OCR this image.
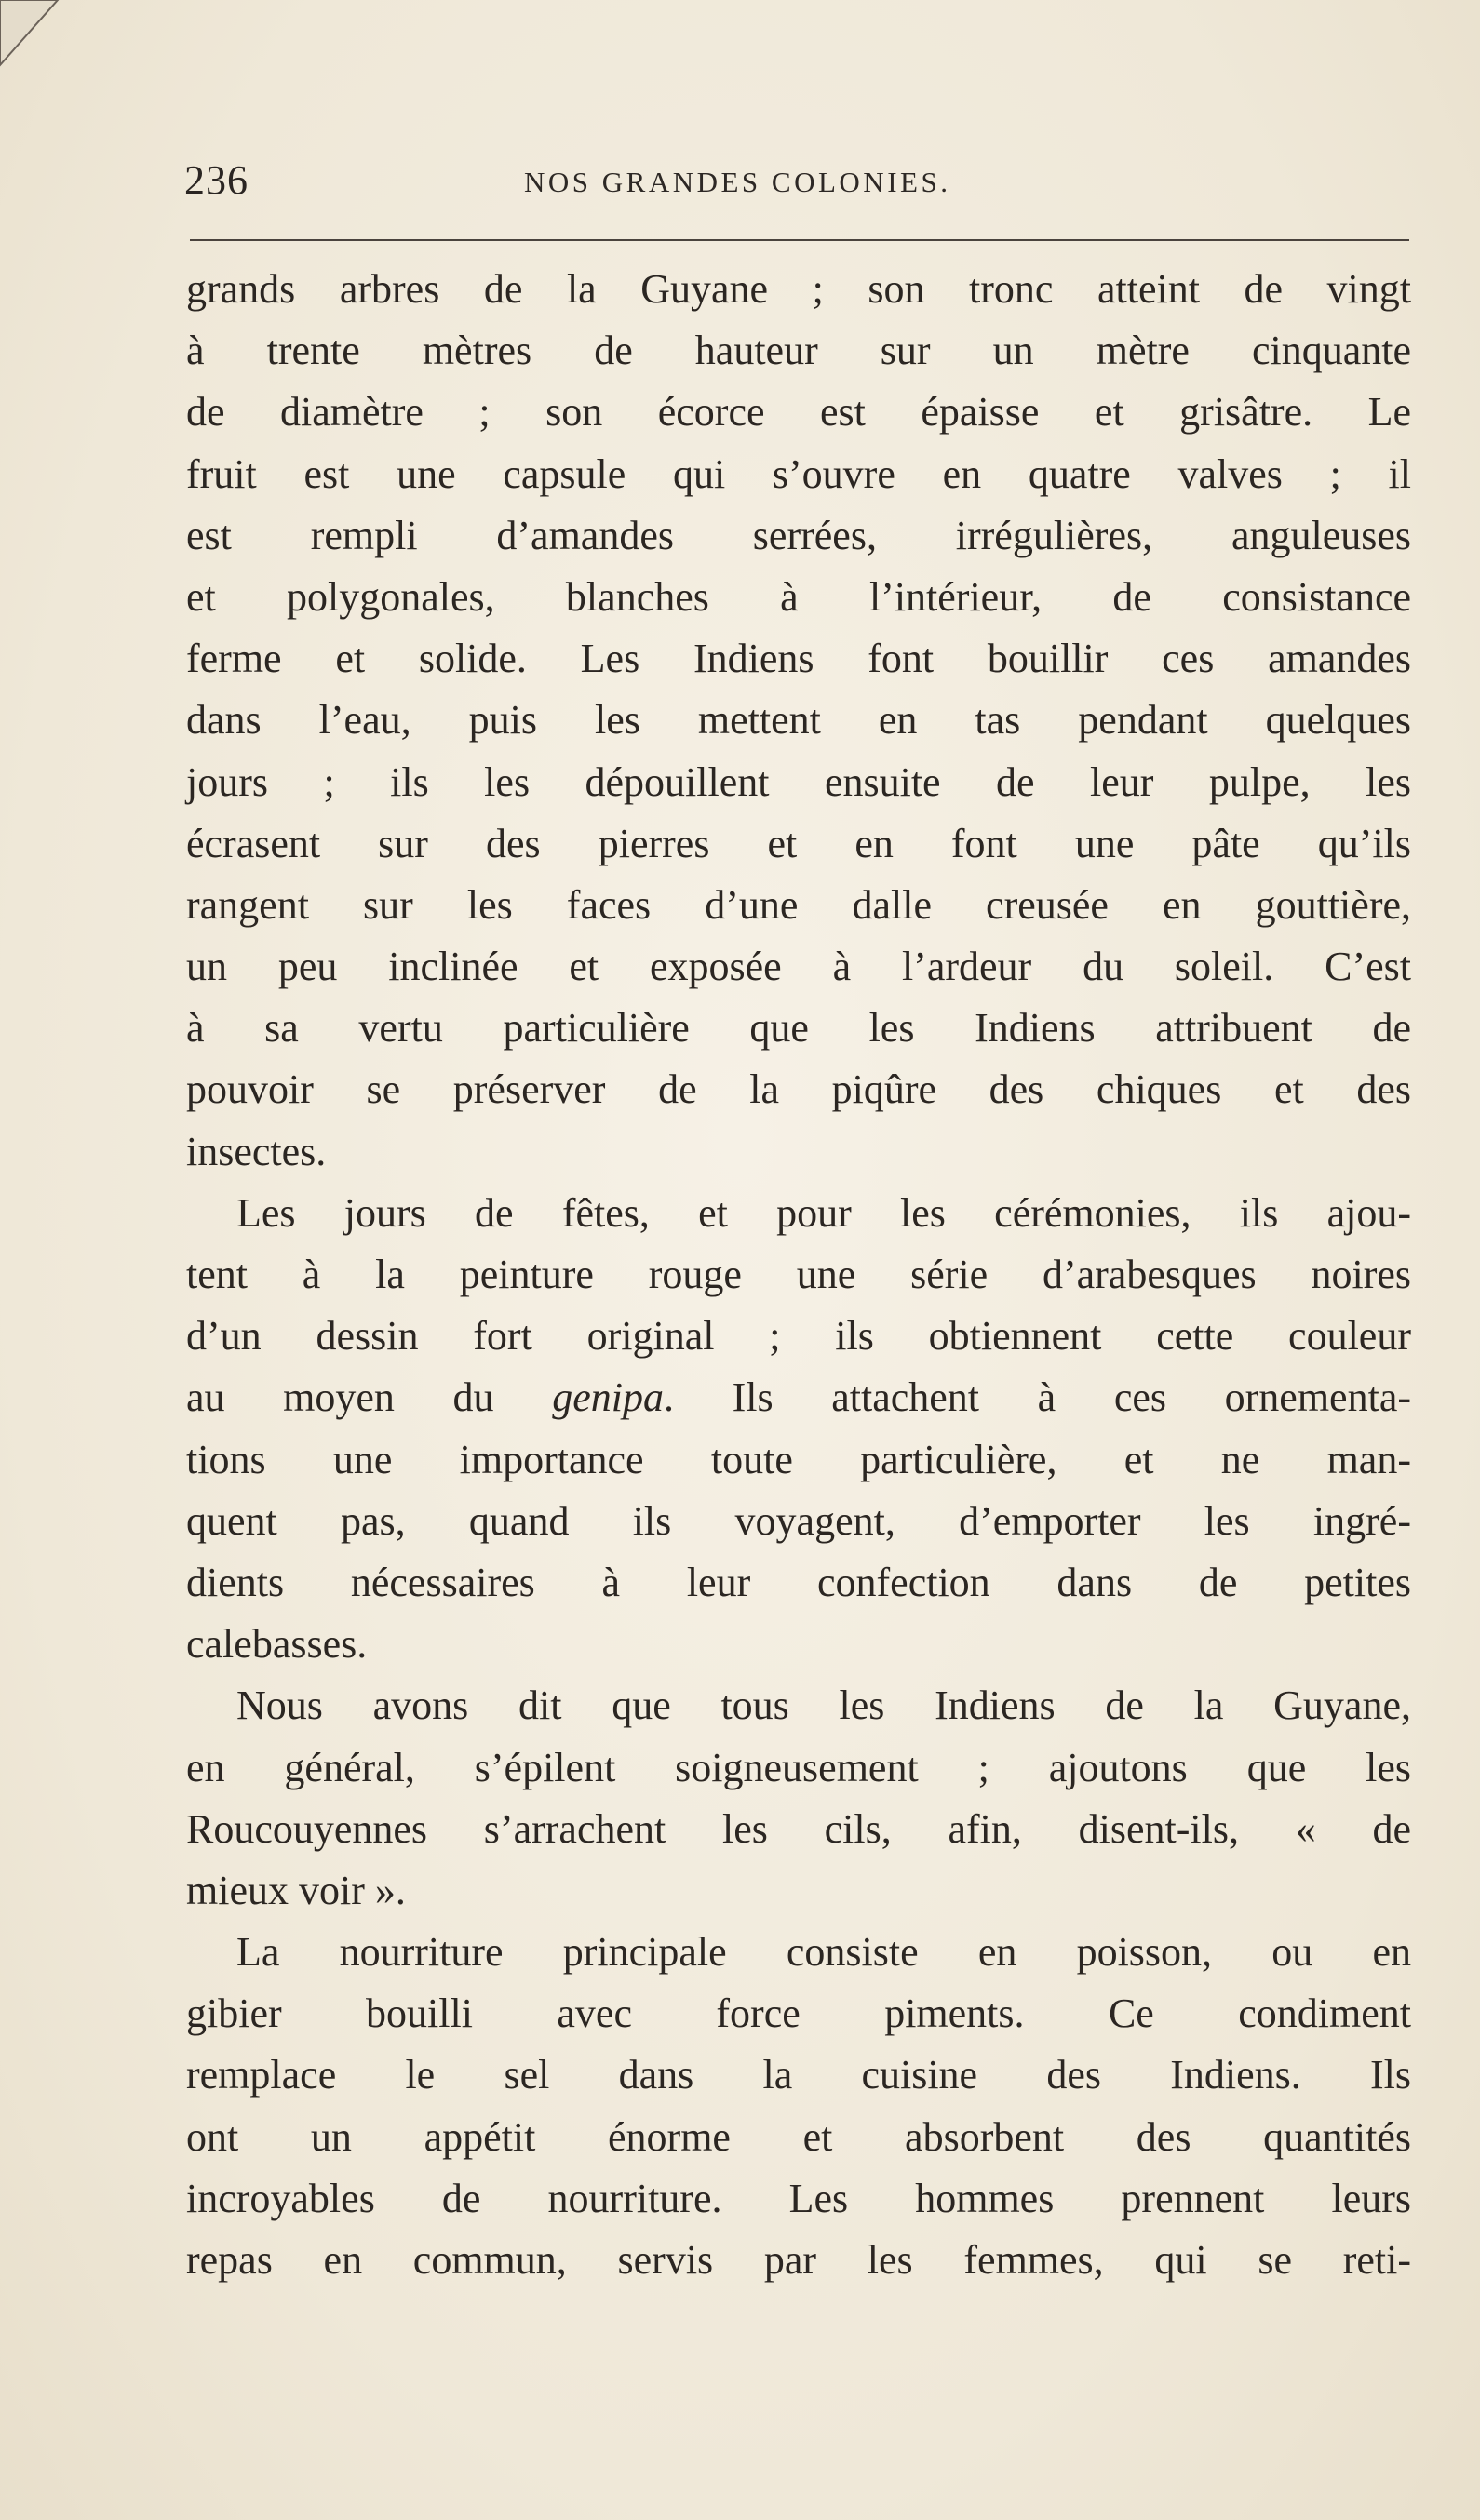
236	NOS GRANDES COLONIES.
grands arbres de la Guyane ; son tronc atteint de vingt
à trente mètres de hauteur sur un mètre cinquante
de diamètre ; son écorce est épaisse et grisâtre. Le
fruit est une capsule qui s’ouvre en quatre valves ; il
est rempli d’amandes serrées, irrégulières, anguleuses
et polygonales, blanches à l’intérieur, de consistance
ferme et solide. Les Indiens font bouillir ces amandes
dans l’eau, puis les mettent en tas pendant quelques
jours ; ils les dépouillent ensuite de leur pulpe, les
écrasent sur des pierres et en font une pâte qu’ils
rangent sur les faces d’une dalle creusée en gouttière,
un peu inclinée et exposée à l’ardeur du soleil. C’est
à sa vertu particulière que les Indiens attribuent de
pouvoir se préserver de la piqûre des chiques et des
insectes.
Les jours de fêtes, et pour les cérémonies, ils ajou-
tent à la peinture rouge une série d’arabesques noires
d’un dessin fort original ; ils obtiennent cette couleur
au moyen du genipa. Ils attachent à ces ornementa-
tions une importance toute particulière, et ne man-
quent pas, quand ils voyagent, d’emporter les ingré-
dients nécessaires à leur confection dans de petites
calebasses.
Nous avons dit que tous les Indiens de la Guyane,
en général, s’épilent soigneusement ; ajoutons que les
Roucouyennes s’arrachent les cils, afin, disent-ils, « de
mieux voir ».
La nourriture principale consiste en poisson, ou en
gibier bouilli avec force piments. Ce condiment
remplace le sel dans la cuisine des Indiens. Ils
ont un appétit énorme et absorbent des quantités
incroyables de nourriture. Les hommes prennent leurs
repas en commun, servis par les femmes, qui se reti-
